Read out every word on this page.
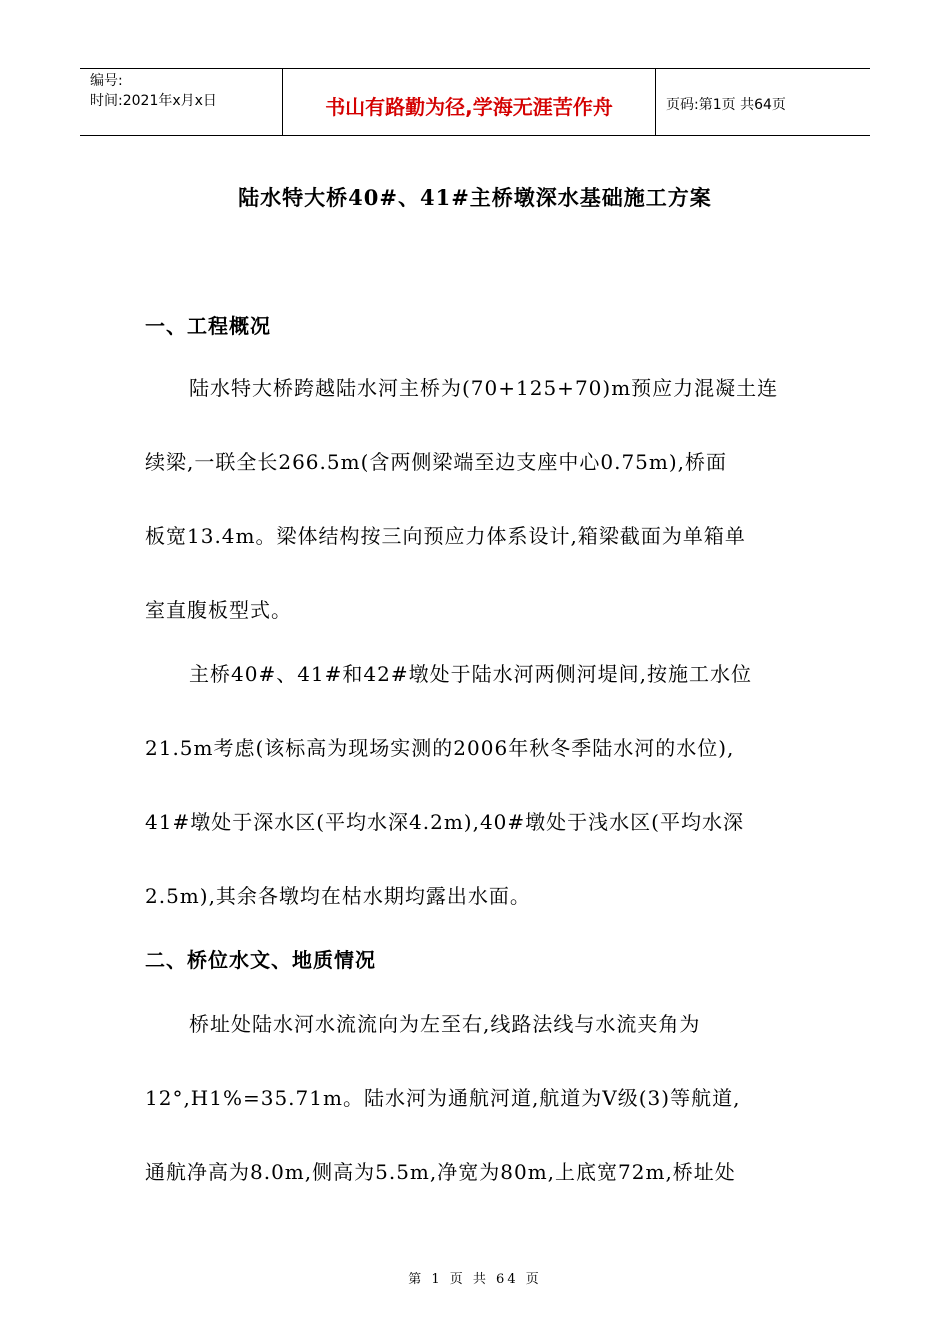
编号:
时间:2021年x月x日	书山有路勤为径,学海无涯苦作舟	页码:第1页 共64页
陆水特大桥40#、41#主桥墩深水基础施工方案
一、工程概况
陆水特大桥跨越陆水河主桥为(70+125+70)m预应力混凝土连
续梁,一联全长266.5m(含两侧梁端至边支座中心0.75m),桥面
板宽13.4m。梁体结构按三向预应力体系设计,箱梁截面为单箱单
室直腹板型式。
主桥40#、41#和42#墩处于陆水河两侧河堤间,按施工水位
21.5m考虑(该标高为现场实测的2006年秋冬季陆水河的水位),
41#墩处于深水区(平均水深4.2m),40#墩处于浅水区(平均水深
2.5m),其余各墩均在枯水期均露出水面。
二、桥位水文、地质情况
桥址处陆水河水流流向为左至右,线路法线与水流夹角为
12°,H1%=35.71m。陆水河为通航河道,航道为Ⅴ级(3)等航道,
通航净高为8.0m,侧高为5.5m,净宽为80m,上底宽72m,桥址处
第 1 页 共 64 页
